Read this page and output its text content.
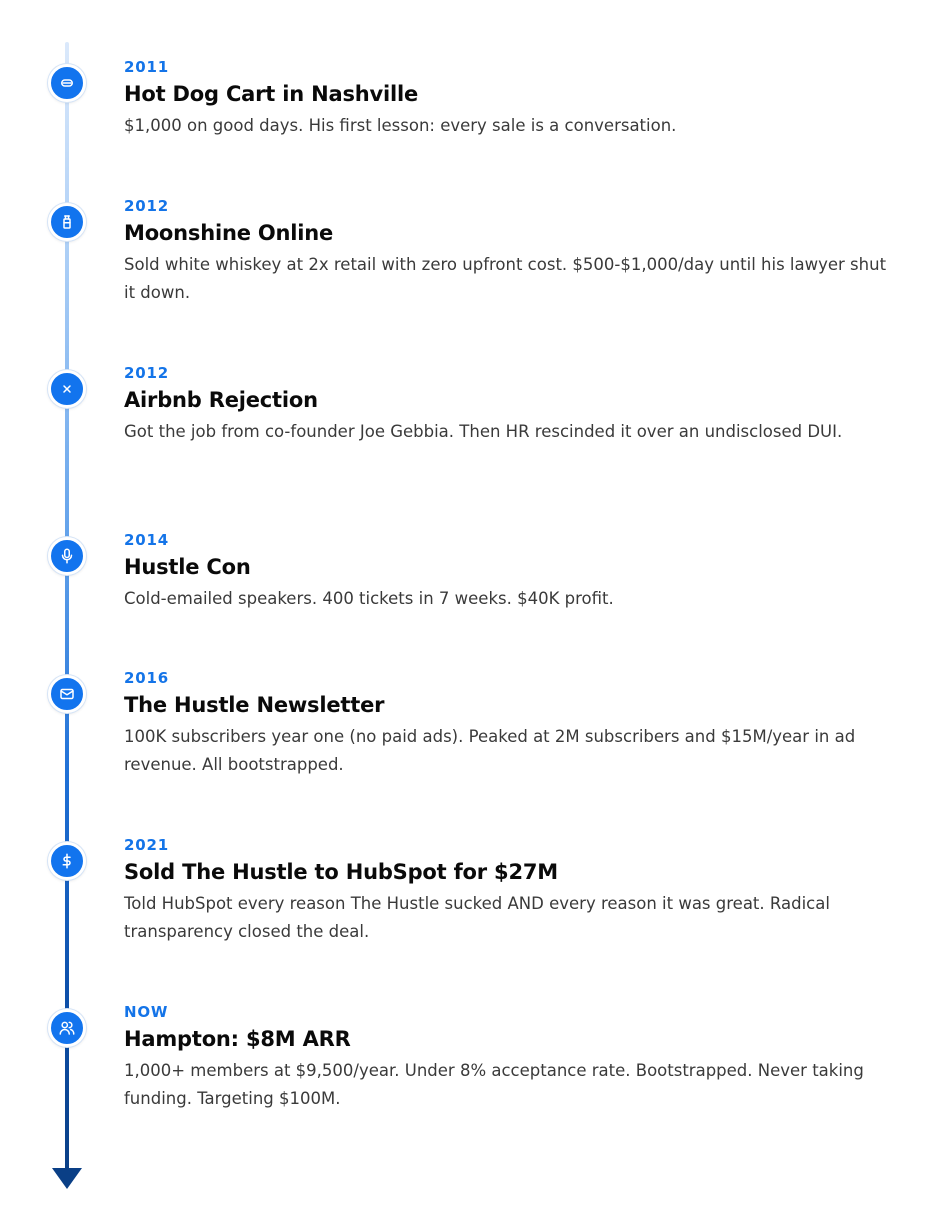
2011
Hot Dog Cart in Nashville
$1,000 on good days. His first lesson: every sale is a conversation.
2012
Moonshine Online
Sold white whiskey at 2x retail with zero upfront cost. $500-$1,000/day until his lawyer shut it down.
2012
Airbnb Rejection
Got the job from co-founder Joe Gebbia. Then HR rescinded it over an undisclosed DUI.
2014
Hustle Con
Cold-emailed speakers. 400 tickets in 7 weeks. $40K profit.
2016
The Hustle Newsletter
100K subscribers year one (no paid ads). Peaked at 2M subscribers and $15M/year in ad revenue. All bootstrapped.
2021
Sold The Hustle to HubSpot for $27M
Told HubSpot every reason The Hustle sucked AND every reason it was great. Radical transparency closed the deal.
NOW
Hampton: $8M ARR
1,000+ members at $9,500/year. Under 8% acceptance rate. Bootstrapped. Never taking funding. Targeting $100M.
